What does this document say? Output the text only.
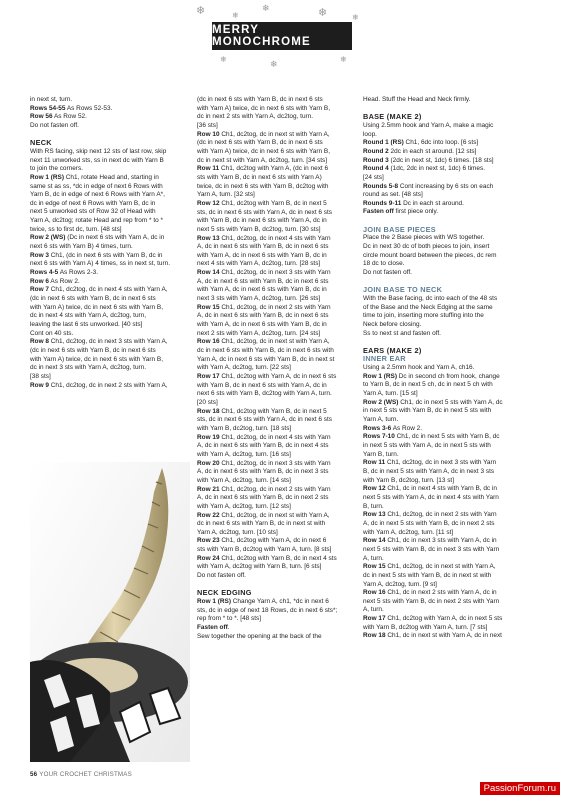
❄	❄
❄	❄	❄
❄	❄	❄
MERRY MONOCHROME

in next st, turn.

Rows 54-55 As Rows 52-53.

Row 56 As Row 52.

Do not fasten off.

NECK

With RS facing, skip next 12 sts of last row, skip

next 11 unworked sts, ss in next dc with Yarn B

to join the corners.

Row 1 (RS) Ch1, rotate Head and, starting in

same st as ss, *dc in edge of next 6 Rows with

Yarn B, dc in edge of next 6 Rows with Yarn A*,

dc in edge of next 6 Rows with Yarn B, dc in

next 5 unworked sts of Row 32 of Head with

Yarn A, dc2tog; rotate Head and rep from * to *

twice, ss to first dc, turn. [48 sts]

Row 2 (WS) (Dc in next 6 sts with Yarn A, dc in

next 6 sts with Yarn B) 4 times, turn.

Row 3 Ch1, (dc in next 6 sts with Yarn B, dc in

next 6 sts with Yarn A) 4 times, ss in next st, turn.

Rows 4-5 As Rows 2-3.

Row 6 As Row 2.

Row 7 Ch1, dc2tog, dc in next 4 sts with Yarn A,

(dc in next 6 sts with Yarn B, dc in next 6 sts

with Yarn A) twice, dc in next 6 sts with Yarn B,

dc in next 4 sts with Yarn A, dc2tog, turn,

leaving the last 6 sts unworked. [40 sts]

Cont on 40 sts.

Row 8 Ch1, dc2tog, dc in next 3 sts with Yarn A,

(dc in next 6 sts with Yarn B, dc in next 6 sts

with Yarn A) twice, dc in next 6 sts with Yarn B,

dc in next 3 sts with Yarn A, dc2tog, turn.

[38 sts]

Row 9 Ch1, dc2tog, dc in next 2 sts with Yarn A,

(dc in next 6 sts with Yarn B, dc in next 6 sts

with Yarn A) twice, dc in next 6 sts with Yarn B,

dc in next 2 sts with Yarn A, dc2tog, turn.

[36 sts]

Row 10 Ch1, dc2tog, dc in next st with Yarn A,

(dc in next 6 sts with Yarn B, dc in next 6 sts

with Yarn A) twice, dc in next 6 sts with Yarn B,

dc in next st with Yarn A, dc2tog, turn. [34 sts]

Row 11 Ch1, dc2tog with Yarn A, (dc in next 6

sts with Yarn B, dc in next 6 sts with Yarn A)

twice, dc in next 6 sts with Yarn B, dc2tog with

Yarn A, turn. [32 sts]

Row 12 Ch1, dc2tog with Yarn B, dc in next 5

sts, dc in next 6 sts with Yarn A, dc in next 6 sts

with Yarn B, dc in next 6 sts with Yarn A, dc in

next 5 sts with Yarn B, dc2tog, turn. [30 sts]

Row 13 Ch1, dc2tog, dc in next 4 sts with Yarn

A, dc in next 6 sts with Yarn B, dc in next 6 sts

with Yarn A, dc in next 6 sts with Yarn B, dc in

next 4 sts with Yarn A, dc2tog, turn. [28 sts]

Row 14 Ch1, dc2tog, dc in next 3 sts with Yarn

A, dc in next 6 sts with Yarn B, dc in next 6 sts

with Yarn A, dc in next 6 sts with Yarn B, dc in

next 3 sts with Yarn A, dc2tog, turn. [26 sts]

Row 15 Ch1, dc2tog, dc in next 2 sts with Yarn

A, dc in next 6 sts with Yarn B, dc in next 6 sts

with Yarn A, dc in next 6 sts with Yarn B, dc in

next 2 sts with Yarn A, dc2tog, turn. [24 sts]

Row 16 Ch1, dc2tog, dc in next st with Yarn A,

dc in next 6 sts with Yarn B, dc in next 6 sts with

Yarn A, dc in next 6 sts with Yarn B, dc in next st

with Yarn A, dc2tog, turn. [22 sts]

Row 17 Ch1, dc2tog with Yarn A, dc in next 6 sts

with Yarn B, dc in next 6 sts with Yarn A, dc in

next 6 sts with Yarn B, dc2tog with Yarn A, turn.

[20 sts]

Row 18 Ch1, dc2tog with Yarn B, dc in next 5

sts, dc in next 6 sts with Yarn A, dc in next 6 sts

with Yarn B, dc2tog, turn. [18 sts]

Row 19 Ch1, dc2tog, dc in next 4 sts with Yarn

A, dc in next 6 sts with Yarn B, dc in next 4 sts

with Yarn A, dc2tog, turn. [16 sts]

Row 20 Ch1, dc2tog, dc in next 3 sts with Yarn

A, dc in next 6 sts with Yarn B, dc in next 3 sts

with Yarn A, dc2tog, turn. [14 sts]

Row 21 Ch1, dc2tog, dc in next 2 sts with Yarn

A, dc in next 6 sts with Yarn B, dc in next 2 sts

with Yarn A, dc2tog, turn. [12 sts]

Row 22 Ch1, dc2tog, dc in next st with Yarn A,

dc in next 6 sts with Yarn B, dc in next st with

Yarn A, dc2tog, turn. [10 sts]

Row 23 Ch1, dc2tog with Yarn A, dc in next 6

sts with Yarn B, dc2tog with Yarn A, turn. [8 sts]

Row 24 Ch1, dc2tog with Yarn B, dc in next 4 sts

with Yarn A, dc2tog with Yarn B, turn. [6 sts]

Do not fasten off.

NECK EDGING

Row 1 (RS) Change Yarn A, ch1, *dc in next 6

sts, dc in edge of next 18 Rows, dc in next 6 sts*;

rep from * to *. [48 sts]

Fasten off.

Sew together the opening at the back of the

Head. Stuff the Head and Neck firmly.

BASE (MAKE 2)

Using 2.5mm hook and Yarn A, make a magic

loop.

Round 1 (RS) Ch1, 6dc into loop. [6 sts]

Round 2 2dc in each st around. [12 sts]

Round 3 (2dc in next st, 1dc) 6 times. [18 sts]

Round 4 (1dc, 2dc in next st, 1dc) 6 times.

[24 sts]

Rounds 5-8 Cont increasing by 6 sts on each

round as set. [48 sts]

Rounds 9-11 Dc in each st around.

Fasten off first piece only.

JOIN BASE PIECES

Place the 2 Base pieces with WS together.

Dc in next 30 dc of both pieces to join, insert

circle mount board between the pieces, dc rem

18 dc to close.

Do not fasten off.

JOIN BASE TO NECK

With the Base facing, dc into each of the 48 sts

of the Base and the Neck Edging at the same

time to join, inserting more stuffing into the

Neck before closing.

Ss to next st and fasten off.

EARS (MAKE 2)

INNER EAR

Using a 2.5mm hook and Yarn A, ch16.

Row 1 (RS) Dc in second ch from hook, change

to Yarn B, dc in next 5 ch, dc in next 5 ch with

Yarn A, turn. [15 st]

Row 2 (WS) Ch1, dc in next 5 sts with Yarn A, dc

in next 5 sts with Yarn B, dc in next 5 sts with

Yarn A, turn.

Rows 3-6 As Row 2.

Rows 7-10 Ch1, dc in next 5 sts with Yarn B, dc

in next 5 sts with Yarn A, dc in next 5 sts with

Yarn B, turn.

Row 11 Ch1, dc2tog, dc in next 3 sts with Yarn

B, dc in next 5 sts with Yarn A, dc in next 3 sts

with Yarn B, dc2tog, turn. [13 st]

Row 12 Ch1, dc in next 4 sts with Yarn B, dc in

next 5 sts with Yarn A, dc in next 4 sts with Yarn

B, turn.

Row 13 Ch1, dc2tog, dc in next 2 sts with Yarn

A, dc in next 5 sts with Yarn B, dc in next 2 sts

with Yarn A, dc2tog, turn. [11 st]

Row 14 Ch1, dc in next 3 sts with Yarn A, dc in

next 5 sts with Yarn B, dc in next 3 sts with Yarn

A, turn.

Row 15 Ch1, dc2tog, dc in next st with Yarn A,

dc in next 5 sts with Yarn B, dc in next st with

Yarn A, dc2tog, turn. [9 st]

Row 16 Ch1, dc in next 2 sts with Yarn A, dc in

next 5 sts with Yarn B, dc in next 2 sts with Yarn

A, turn.

Row 17 Ch1, dc2tog with Yarn A, dc in next 5 sts

with Yarn B, dc2tog with Yarn A, turn. [7 sts]

Row 18 Ch1, dc in next st with Yarn A, dc in next

56 YOUR CROCHET CHRISTMAS
PassionForum.ru
